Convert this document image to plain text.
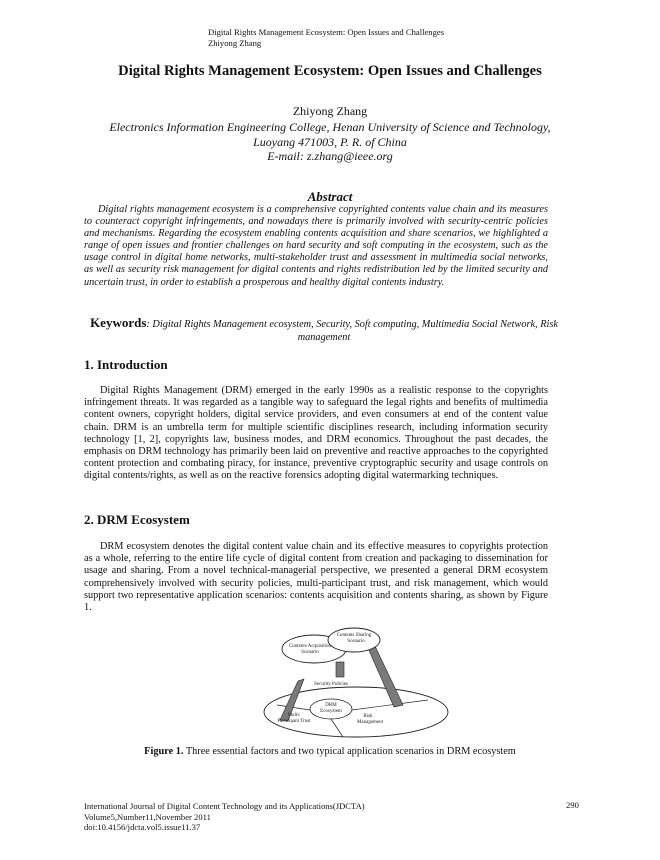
Digital Rights Management Ecosystem: Open Issues and Challenges
Zhiyong Zhang
Digital Rights Management Ecosystem: Open Issues and Challenges
Zhiyong Zhang
Electronics Information Engineering College, Henan University of Science and Technology,
Luoyang 471003, P. R. of China
E-mail: z.zhang@ieee.org
Abstract
Digital rights management ecosystem is a comprehensive copyrighted contents value chain and its measures to counteract copyright infringements, and nowadays there is primarily involved with security-centric policies and mechanisms. Regarding the ecosystem enabling contents acquisition and share scenarios, we highlighted a range of open issues and frontier challenges on hard security and soft computing in the ecosystem, such as the usage control in digital home networks, multi-stakeholder trust and assessment in multimedia social networks, as well as security risk management for digital contents and rights redistribution led by the limited security and uncertain trust, in order to establish a prosperous and healthy digital contents industry.
Keywords: Digital Rights Management ecosystem, Security, Soft computing, Multimedia Social Network, Risk management
1. Introduction
Digital Rights Management (DRM) emerged in the early 1990s as a realistic response to the copyrights infringement threats. It was regarded as a tangible way to safeguard the legal rights and benefits of multimedia content owners, copyright holders, digital service providers, and even consumers at end of the content value chain. DRM is an umbrella term for multiple scientific disciplines research, including information security technology [1, 2], copyrights law, business modes, and DRM economics. Throughout the past decades, the emphasis on DRM technology has primarily been laid on preventive and reactive approaches to the copyrighted content protection and combating piracy, for instance, preventive cryptographic security and usage controls on digital contents/rights, as well as on the reactive forensics adopting digital watermarking techniques.
2. DRM Ecosystem
DRM ecosystem denotes the digital content value chain and its effective measures to copyrights protection as a whole, referring to the entire life cycle of digital content from creation and packaging to dissemination for usage and sharing. From a novel technical-managerial perspective, we presented a general DRM ecosystem comprehensively involved with security policies, multi-participant trust, and risk management, which would support two representative application scenarios: contents acquisition and contents sharing, as shown by Figure 1.
Contents Sharing
Scenario
Contents Acquisition
Scenario
Security Policies
DRM
Ecosystem
Multi-
Participant Trust
Risk
Management
Figure 1. Three essential factors and two typical application scenarios in DRM ecosystem
International Journal of Digital Content Technology and its Applications(JDCTA)
Volume5,Number11,November 2011
doi:10.4156/jdcta.vol5.issue11.37
290
